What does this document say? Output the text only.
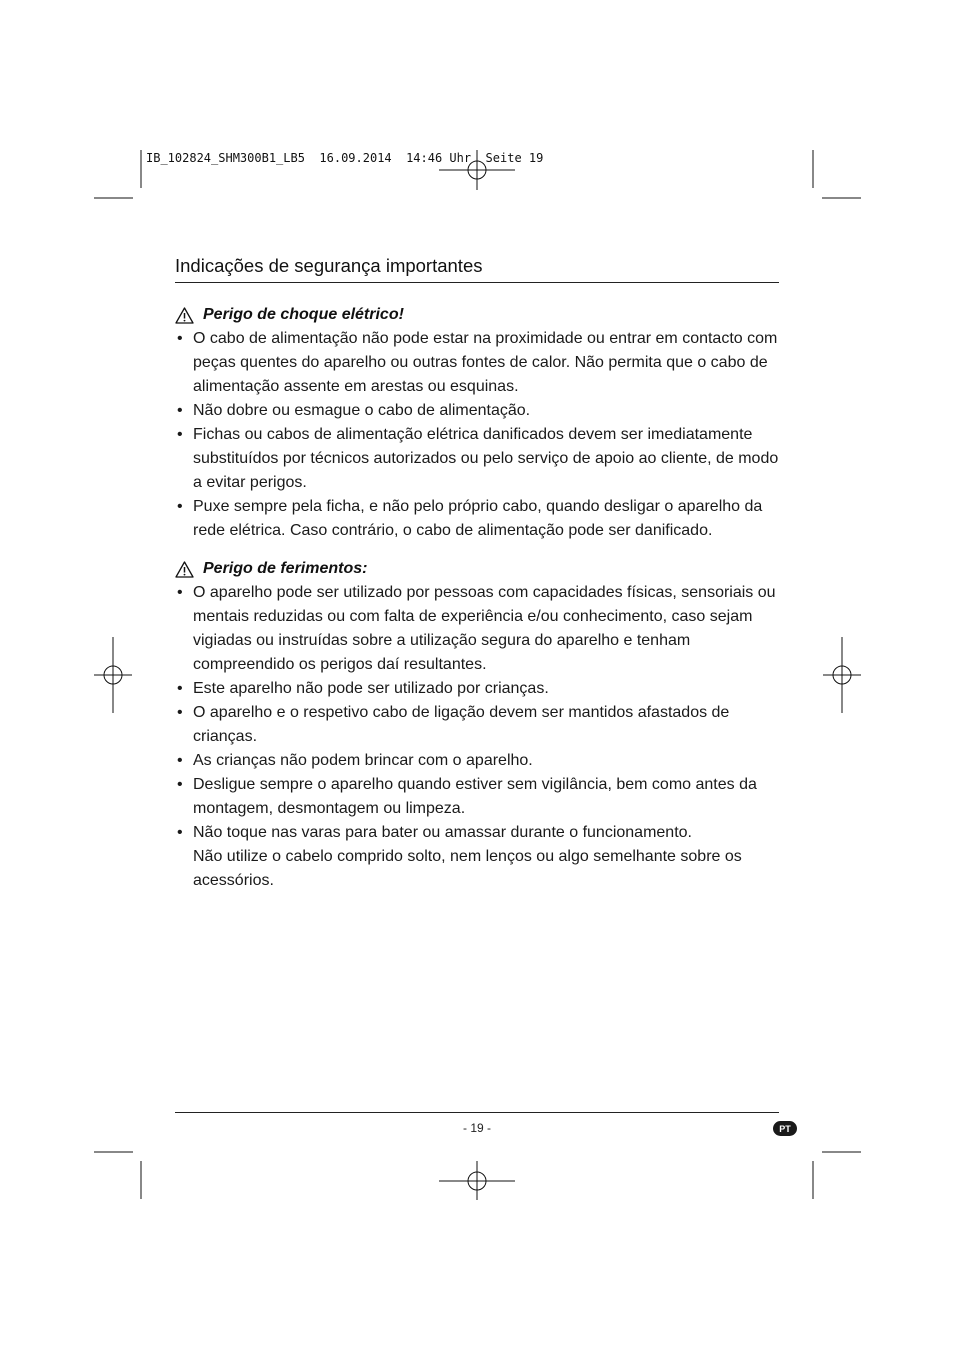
IB_102824_SHM300B1_LB5  16.09.2014  14:46 Uhr  Seite 19
Indicações de segurança importantes
Perigo de choque elétrico!
• O cabo de alimentação não pode estar na proximidade ou entrar em contacto com peças quentes do aparelho ou outras fontes de calor. Não permita que o cabo de alimentação assente em arestas ou esquinas.
• Não dobre ou esmague o cabo de alimentação.
• Fichas ou cabos de alimentação elétrica danificados devem ser imediatamente substituídos por técnicos autorizados ou pelo serviço de apoio ao cliente, de modo a evitar perigos.
• Puxe sempre pela ficha, e não pelo próprio cabo, quando desligar o aparelho da rede elétrica. Caso contrário, o cabo de alimentação pode ser danificado.
Perigo de ferimentos:
• O aparelho pode ser utilizado por pessoas com capacidades físicas, sensoriais ou mentais reduzidas ou com falta de experiência e/ou conhecimento, caso sejam vigiadas ou instruídas sobre a utilização segura do aparelho e tenham compreendido os perigos daí resultantes.
• Este aparelho não pode ser utilizado por crianças.
• O aparelho e o respetivo cabo de ligação devem ser mantidos afastados de crianças.
• As crianças não podem brincar com o aparelho.
• Desligue sempre o aparelho quando estiver sem vigilância, bem como antes da montagem, desmontagem ou limpeza.
• Não toque nas varas para bater ou amassar durante o funcionamento.
Não utilize o cabelo comprido solto, nem lenços ou algo semelhante sobre os acessórios.
- 19 -	PT
